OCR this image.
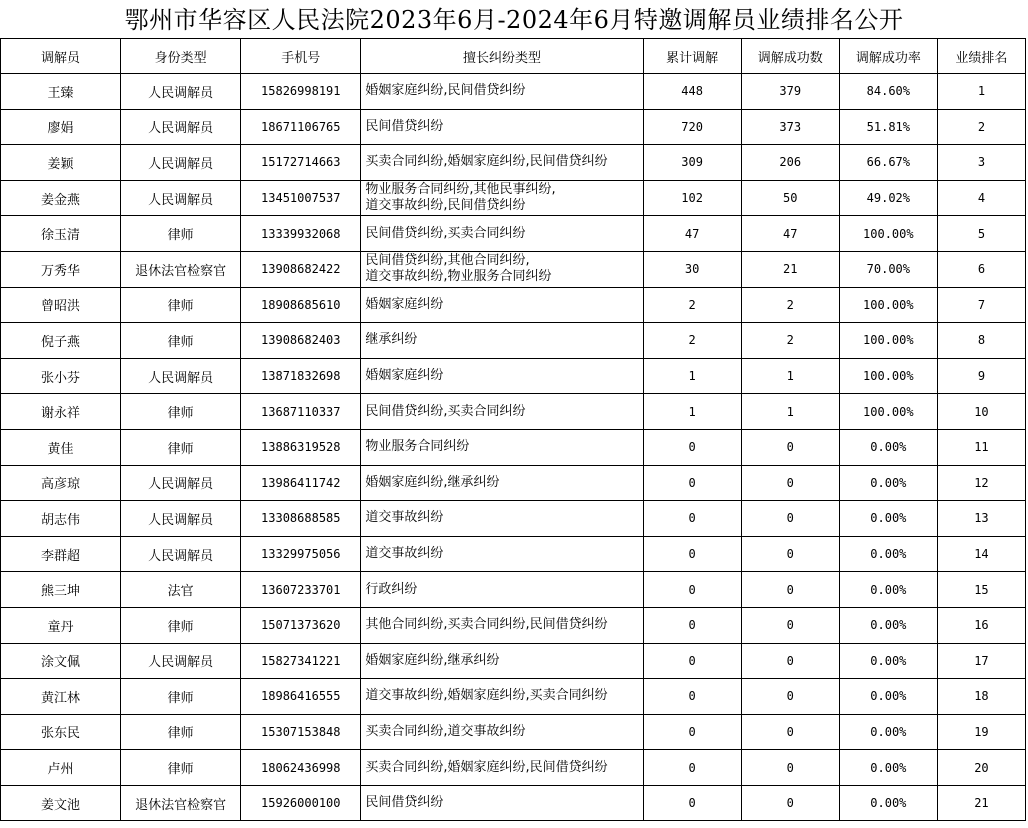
鄂州市华容区人民法院2023年6月-2024年6月特邀调解员业绩排名公开
调解员	身份类型	手机号	擅长纠纷类型	累计调解	调解成功数	调解成功率	业绩排名
王臻	人民调解员	15826998191	婚姻家庭纠纷,民间借贷纠纷	448	379	84.60%	1
廖娟	人民调解员	18671106765	民间借贷纠纷	720	373	51.81%	2
姜颖	人民调解员	15172714663	买卖合同纠纷,婚姻家庭纠纷,民间借贷纠纷	309	206	66.67%	3
姜金燕	人民调解员	13451007537	物业服务合同纠纷,其他民事纠纷,
道交事故纠纷,民间借贷纠纷	102	50	49.02%	4
徐玉清	律师	13339932068	民间借贷纠纷,买卖合同纠纷	47	47	100.00%	5
万秀华	退休法官检察官	13908682422	民间借贷纠纷,其他合同纠纷,
道交事故纠纷,物业服务合同纠纷	30	21	70.00%	6
曾昭洪	律师	18908685610	婚姻家庭纠纷	2	2	100.00%	7
倪子燕	律师	13908682403	继承纠纷	2	2	100.00%	8
张小芬	人民调解员	13871832698	婚姻家庭纠纷	1	1	100.00%	9
谢永祥	律师	13687110337	民间借贷纠纷,买卖合同纠纷	1	1	100.00%	10
黄佳	律师	13886319528	物业服务合同纠纷	0	0	0.00%	11
高彦琼	人民调解员	13986411742	婚姻家庭纠纷,继承纠纷	0	0	0.00%	12
胡志伟	人民调解员	13308688585	道交事故纠纷	0	0	0.00%	13
李群超	人民调解员	13329975056	道交事故纠纷	0	0	0.00%	14
熊三坤	法官	13607233701	行政纠纷	0	0	0.00%	15
童丹	律师	15071373620	其他合同纠纷,买卖合同纠纷,民间借贷纠纷	0	0	0.00%	16
涂文佩	人民调解员	15827341221	婚姻家庭纠纷,继承纠纷	0	0	0.00%	17
黄江林	律师	18986416555	道交事故纠纷,婚姻家庭纠纷,买卖合同纠纷	0	0	0.00%	18
张东民	律师	15307153848	买卖合同纠纷,道交事故纠纷	0	0	0.00%	19
卢州	律师	18062436998	买卖合同纠纷,婚姻家庭纠纷,民间借贷纠纷	0	0	0.00%	20
姜文池	退休法官检察官	15926000100	民间借贷纠纷	0	0	0.00%	21
